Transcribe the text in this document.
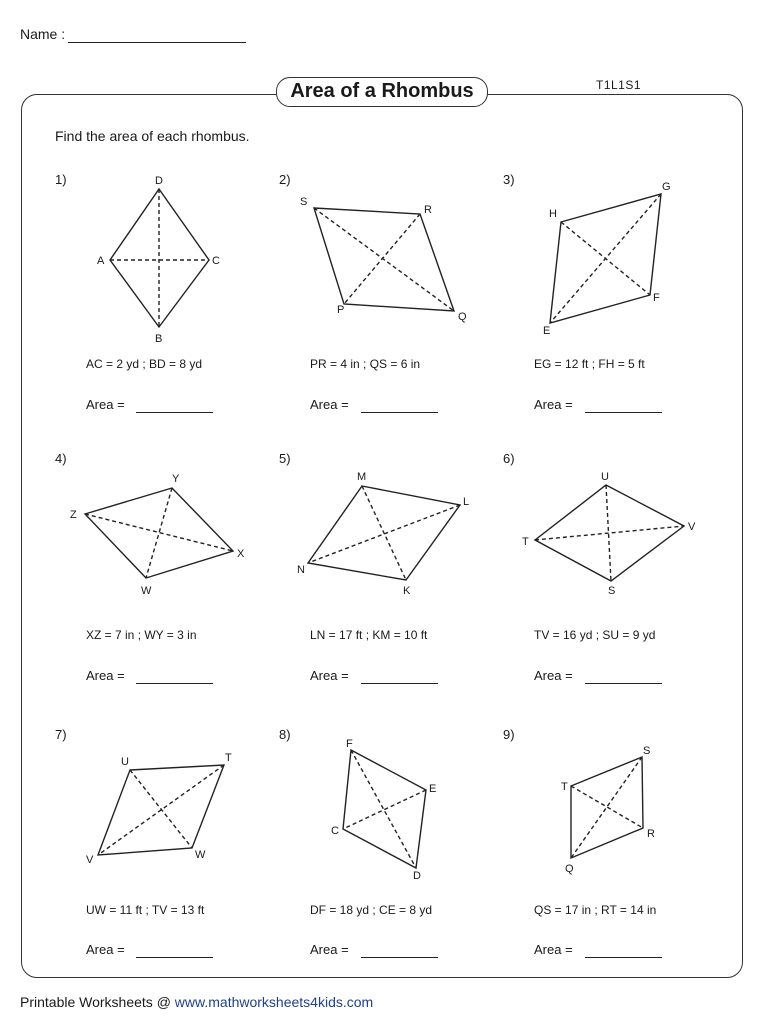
Name :
T1L1S1
Area of a Rhombus
Find the area of each rhombus.
1)	2)	3)
AC = 2 yd ; BD = 8 yd	PR = 4 in ; QS = 6 in	EG = 12 ft ; FH = 5 ft
Area =	Area =	Area =
4)	5)	6)
XZ = 7 in ; WY = 3 in	LN = 17 ft ; KM = 10 ft	TV = 16 yd ; SU = 9 yd
Area =	Area =	Area =
7)	8)	9)
UW = 11 ft ; TV = 13 ft	DF = 18 yd ; CE = 8 yd	QS = 17 in ; RT = 14 in
Area =	Area =	Area =
D
C
B
A
S
R
Q
P
H
G
F
E
Z
Y
X
W
M
L
K
N
U
V
S
T
U	T
W
V
F
E
D
C
S
R
Q
T
Printable Worksheets @ www.mathworksheets4kids.com
